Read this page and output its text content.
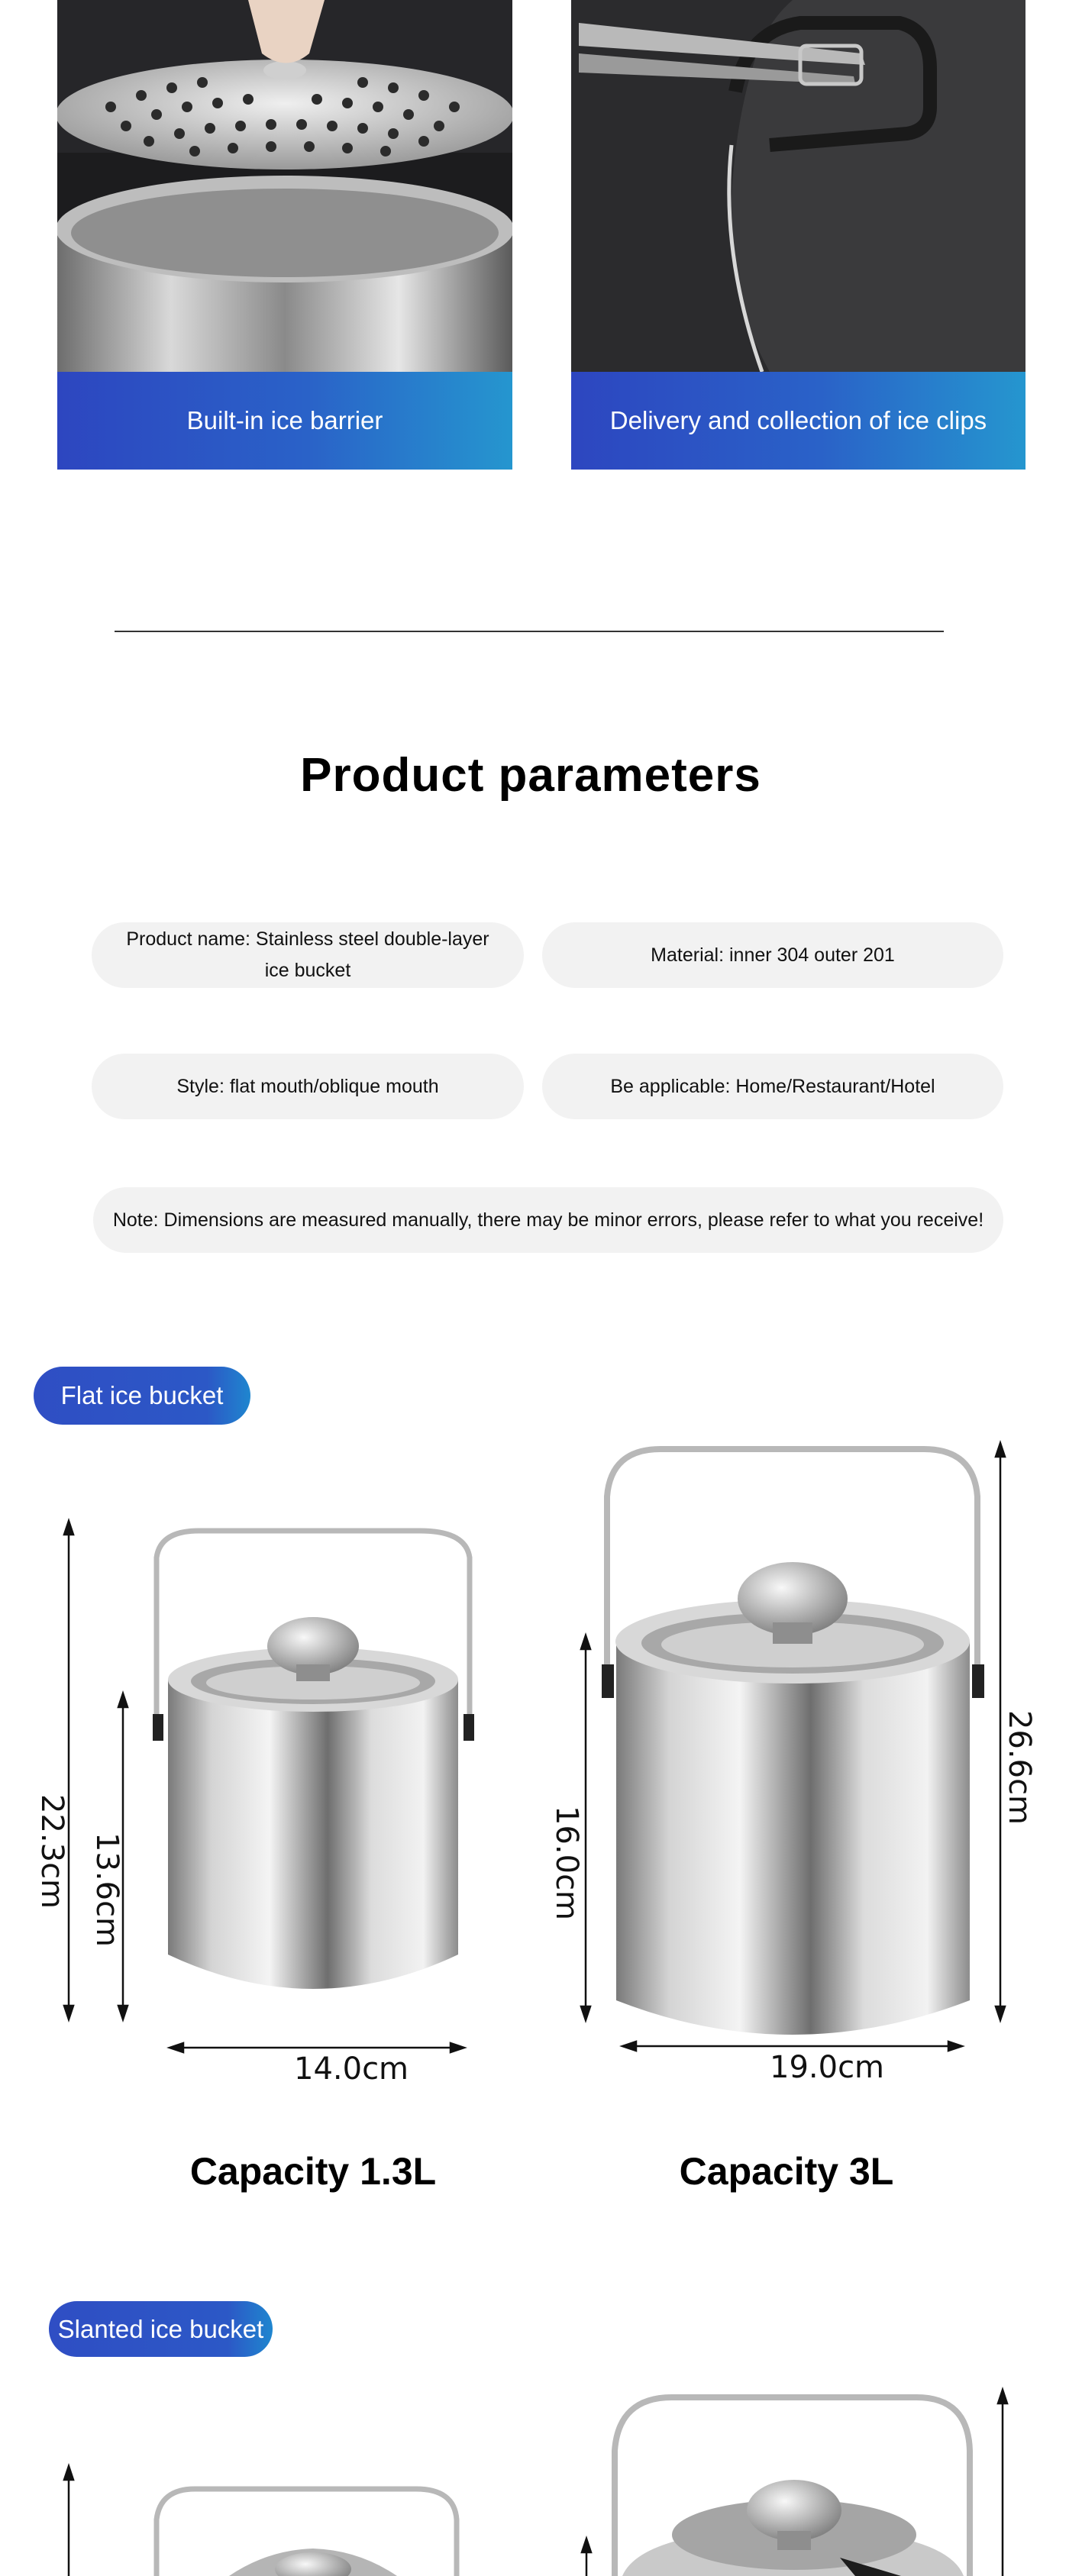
Built-in ice barrier	Delivery and collection of ice clips
Product parameters
Product name: Stainless steel double-layer ice bucket
Material: inner 304 outer 201
Style: flat mouth/oblique mouth	Be applicable: Home/Restaurant/Hotel
Note: Dimensions are measured manually, there may be minor errors, please refer to what you receive!
Flat ice bucket
22.3cm 13.6cm
14.0cm
26.6cm
16.0cm
19.0cm
Capacity 1.3L	Capacity 3L
Slanted ice bucket
